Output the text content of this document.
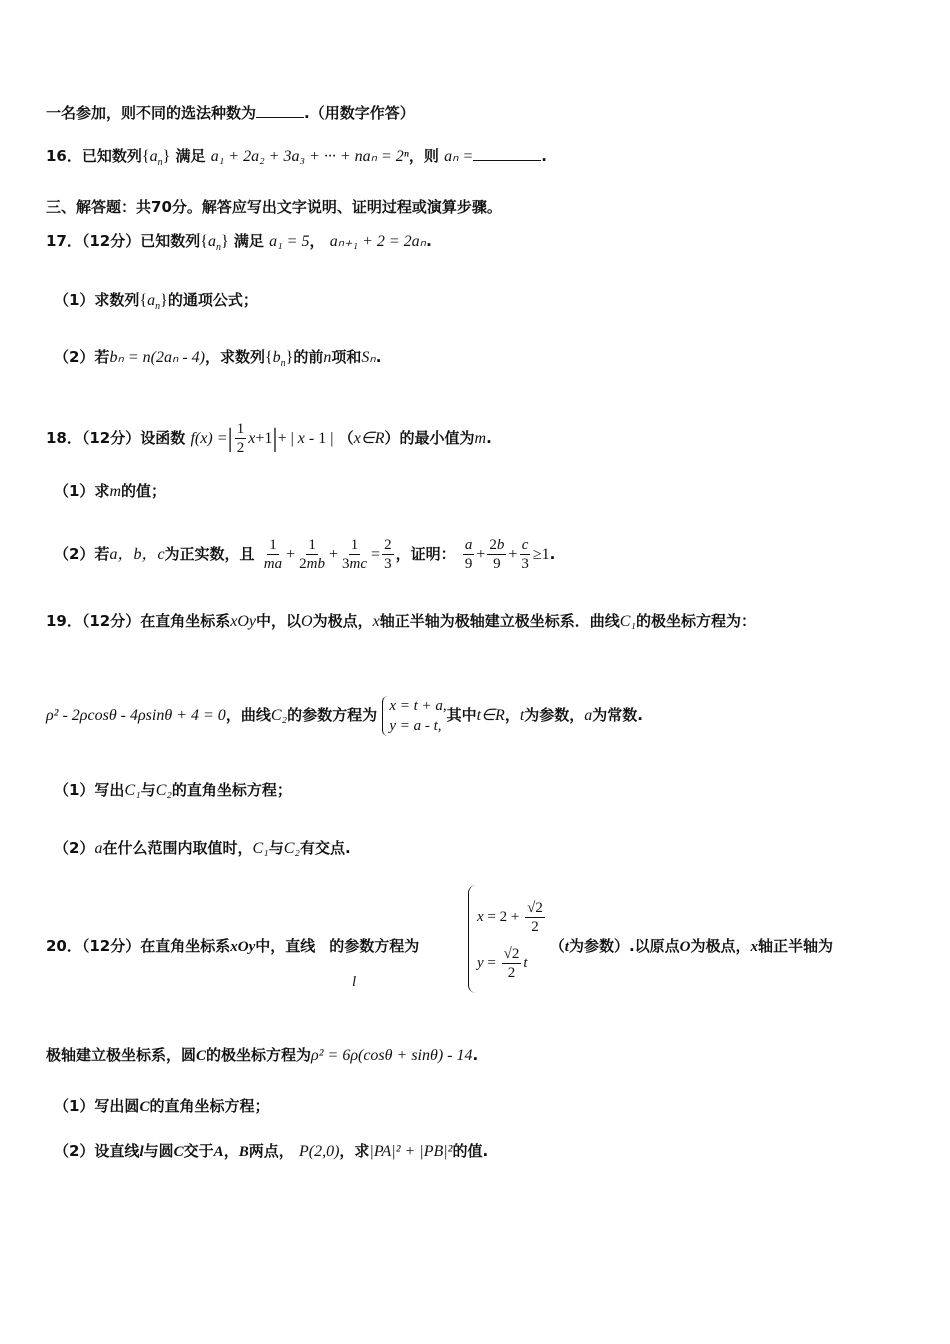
一名参加，则不同的选法种数为	.（用数字作答）
16．已知数列$\{a_n\}$ 满足 a₁ + 2a₂ + 3a₃ + ··· + naₙ = 2ⁿ，则 aₙ =	.
三、解答题：共70分。解答应写出文字说明、证明过程或演算步骤。
17．（12分）已知数列$\{a_n\}$ 满足 a₁ = 5， aₙ₊₁ + 2 = 2aₙ.
（1）求数列$\{a_n\}$的通项公式；
（2）若bₙ = n(2aₙ - 4)，求数列$\{b_n\}$的前n项和Sₙ.
18．（12分）设函数 f(x) =| $\frac{1}{2} x+1|+$ | x - 1 | （x∈R）的最小值为m.
（1）求m的值；
（2）若a，b，c为正实数，且 $\frac{1}{ma} + \frac{1}{2mb} + \frac{1}{3mc} = \frac{2}{3}$ ，证明： $\frac{a}{9} + \frac{2b}{9} + \frac{c}{3} \ge 1$.
19．（12分）在直角坐标系xOy中，以O为极点，x轴正半轴为极轴建立极坐标系．曲线C₁的极坐标方程为：
ρ² - 2ρcosθ - 4ρsinθ + 4 = 0，曲线C₂的参数方程为
x = t + a,
y = a - t,
其中t∈R，t为参数，a为常数.
（1）写出C₁与C₂的直角坐标方程；
（2）a在什么范围内取值时，C₁与C₂有交点.
20．（12分）在直角坐标系xOy中，直线 的参数方程为	（t为参数）.以原点O为极点，x轴正半轴为
l
$x = 2 + \frac{√2}{2}$
$y = \frac{√2}{2}$ t
极轴建立极坐标系，圆C的极坐标方程为ρ² = 6ρ(cosθ + sinθ) - 14.
（1）写出圆C的直角坐标方程；
（2）设直线l与圆C交于A，B两点， P(2,0)，求|PA|² + |PB|²的值.
